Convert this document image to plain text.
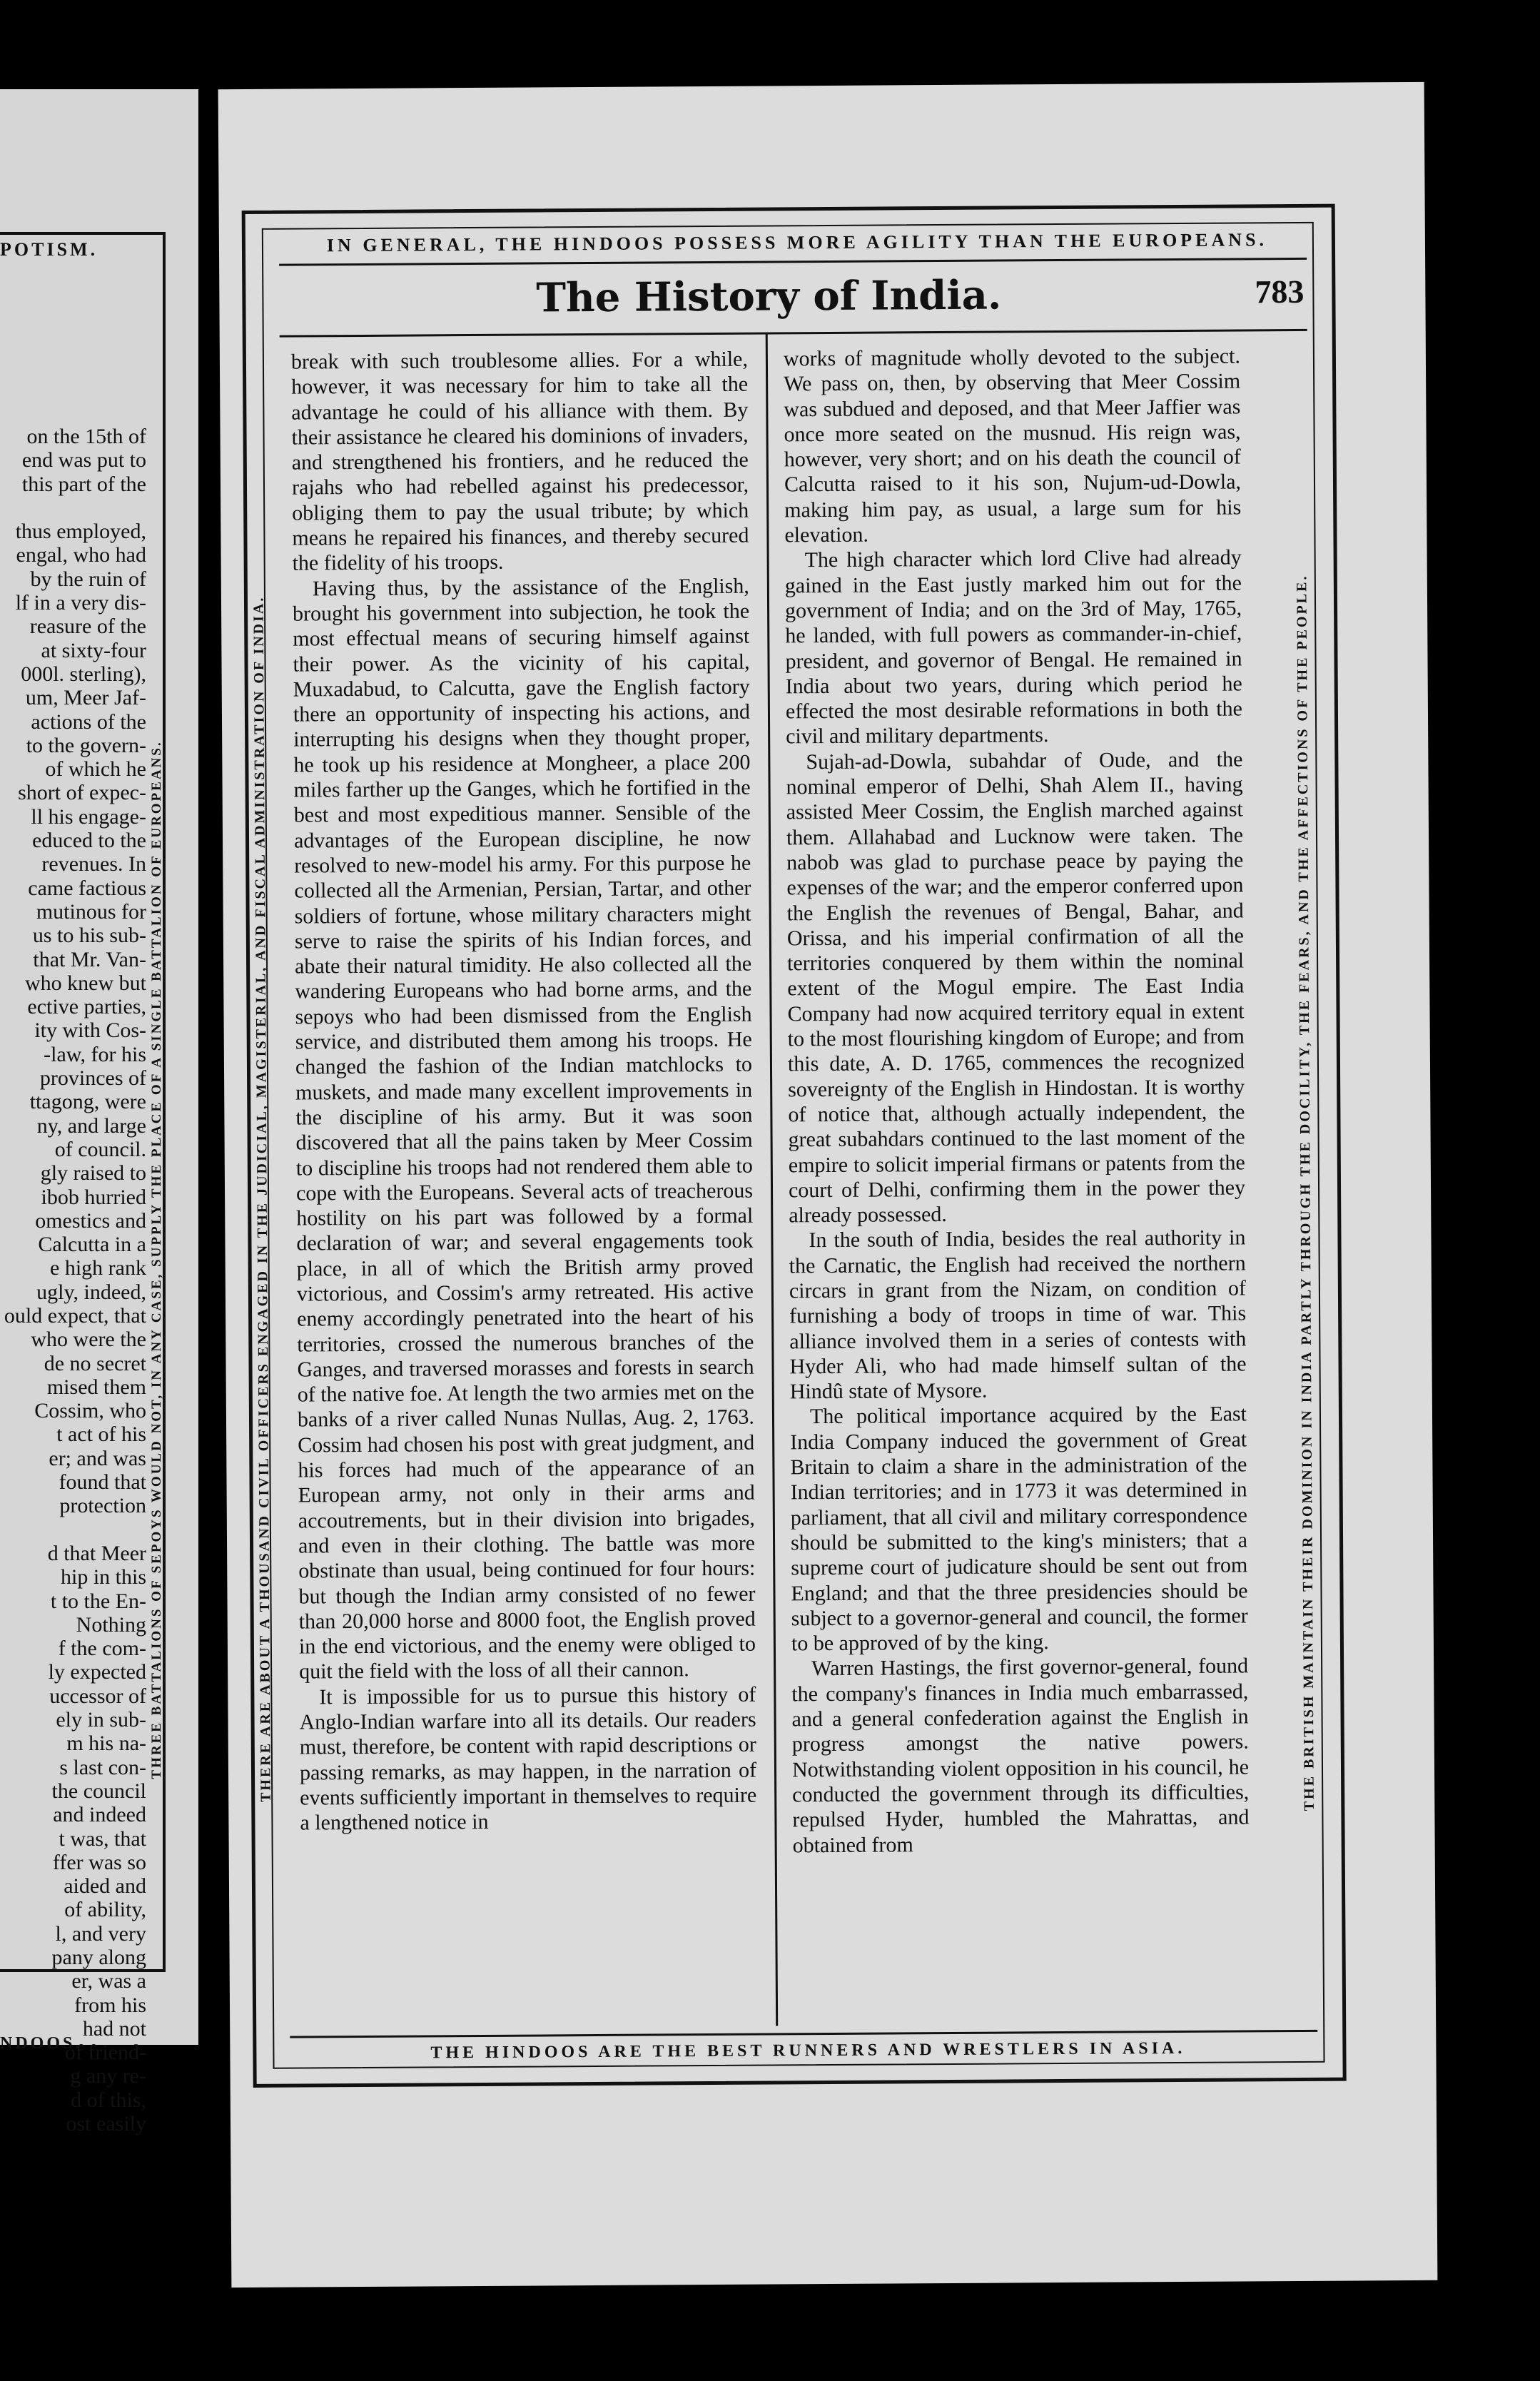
POTISM.
on the 15th of
end was put to
this part of the

thus employed,
engal, who had
by the ruin of
lf in a very dis-
reasure of the
at sixty-four
000l. sterling),
um, Meer Jaf-
actions of the
to the govern-
of which he
short of expec-
ll his engage-
educed to the
revenues. In
came factious
mutinous for
us to his sub-
that Mr. Van-
who knew but
ective parties,
ity with Cos-
-law, for his
provinces of
ttagong, were
ny, and large
of council.
gly raised to
ibob hurried
omestics and
Calcutta in a
e high rank
ugly, indeed,
ould expect, that
who were the
de no secret
mised them
Cossim, who
t act of his
er; and was
found that
protection

d that Meer
hip in this
t to the En-
Nothing
f the com-
ly expected
uccessor of
ely in sub-
m his na-
s last con-
the council
and indeed
t was, that
ffer was so
aided and
of ability,
l, and very
pany along
er, was a
from his
had not
of friend-
g any re-
d of this,
ost easily
THREE BATTALIONS OF SEPOYS WOULD NOT, IN ANY CASE, SUPPLY THE PLACE OF A SINGLE BATTALION OF EUROPEANS.
NDOOS.
IN GENERAL, THE HINDOOS POSSESS MORE AGILITY THAN THE EUROPEANS.
The History of India.	783
THERE ARE ABOUT A THOUSAND CIVIL OFFICERS ENGAGED IN THE JUDICIAL, MAGISTERIAL, AND FISCAL ADMINISTRATION OF INDIA.

break with such troublesome allies. For a while, however, it was necessary for him to take all the advantage he could of his alliance with them. By their assistance he cleared his dominions of invaders, and strengthened his frontiers, and he reduced the rajahs who had rebelled against his predecessor, obliging them to pay the usual tribute; by which means he repaired his finances, and thereby secured the fidelity of his troops.

Having thus, by the assistance of the English, brought his government into subjection, he took the most effectual means of securing himself against their power. As the vicinity of his capital, Muxadabud, to Calcutta, gave the English factory there an opportunity of inspecting his actions, and interrupting his designs when they thought proper, he took up his residence at Mongheer, a place 200 miles farther up the Ganges, which he fortified in the best and most expeditious manner. Sensible of the advantages of the European discipline, he now resolved to new-model his army. For this purpose he collected all the Armenian, Persian, Tartar, and other soldiers of fortune, whose military characters might serve to raise the spirits of his Indian forces, and abate their natural timidity. He also collected all the wandering Europeans who had borne arms, and the sepoys who had been dismissed from the English service, and distributed them among his troops. He changed the fashion of the Indian matchlocks to muskets, and made many excellent improvements in the discipline of his army. But it was soon discovered that all the pains taken by Meer Cossim to discipline his troops had not rendered them able to cope with the Europeans. Several acts of treacherous hostility on his part was followed by a formal declaration of war; and several engagements took place, in all of which the British army proved victorious, and Cossim's army retreated. His active enemy accordingly penetrated into the heart of his territories, crossed the numerous branches of the Ganges, and traversed morasses and forests in search of the native foe. At length the two armies met on the banks of a river called Nunas Nullas, Aug. 2, 1763. Cossim had chosen his post with great judgment, and his forces had much of the appearance of an European army, not only in their arms and accoutrements, but in their division into brigades, and even in their clothing. The battle was more obstinate than usual, being continued for four hours: but though the Indian army consisted of no fewer than 20,000 horse and 8000 foot, the English proved in the end victorious, and the enemy were obliged to quit the field with the loss of all their cannon.

It is impossible for us to pursue this history of Anglo-Indian warfare into all its details. Our readers must, therefore, be content with rapid descriptions or passing remarks, as may happen, in the narration of events sufficiently important in themselves to require a lengthened notice in

works of magnitude wholly devoted to the subject. We pass on, then, by observing that Meer Cossim was subdued and deposed, and that Meer Jaffier was once more seated on the musnud. His reign was, however, very short; and on his death the council of Calcutta raised to it his son, Nujum-ud-Dowla, making him pay, as usual, a large sum for his elevation.

The high character which lord Clive had already gained in the East justly marked him out for the government of India; and on the 3rd of May, 1765, he landed, with full powers as commander-in-chief, president, and governor of Bengal. He remained in India about two years, during which period he effected the most desirable reformations in both the civil and military departments.

Sujah-ad-Dowla, subahdar of Oude, and the nominal emperor of Delhi, Shah Alem II., having assisted Meer Cossim, the English marched against them. Allahabad and Lucknow were taken. The nabob was glad to purchase peace by paying the expenses of the war; and the emperor conferred upon the English the revenues of Bengal, Bahar, and Orissa, and his imperial confirmation of all the territories conquered by them within the nominal extent of the Mogul empire. The East India Company had now acquired territory equal in extent to the most flourishing kingdom of Europe; and from this date, A. D. 1765, commences the recognized sovereignty of the English in Hindostan. It is worthy of notice that, although actually independent, the great subahdars continued to the last moment of the empire to solicit imperial firmans or patents from the court of Delhi, confirming them in the power they already possessed.

In the south of India, besides the real authority in the Carnatic, the English had received the northern circars in grant from the Nizam, on condition of furnishing a body of troops in time of war. This alliance involved them in a series of contests with Hyder Ali, who had made himself sultan of the Hindû state of Mysore.

The political importance acquired by the East India Company induced the government of Great Britain to claim a share in the administration of the Indian territories; and in 1773 it was determined in parliament, that all civil and military correspondence should be submitted to the king's ministers; that a supreme court of judicature should be sent out from England; and that the three presidencies should be subject to a governor-general and council, the former to be approved of by the king.

Warren Hastings, the first governor-general, found the company's finances in India much embarrassed, and a general confederation against the English in progress amongst the native powers. Notwithstanding violent opposition in his council, he conducted the government through its difficulties, repulsed Hyder, humbled the Mahrattas, and obtained from

THE BRITISH MAINTAIN THEIR DOMINION IN INDIA PARTLY THROUGH THE DOCILITY, THE FEARS, AND THE AFFECTIONS OF THE PEOPLE.
THE HINDOOS ARE THE BEST RUNNERS AND WRESTLERS IN ASIA.
